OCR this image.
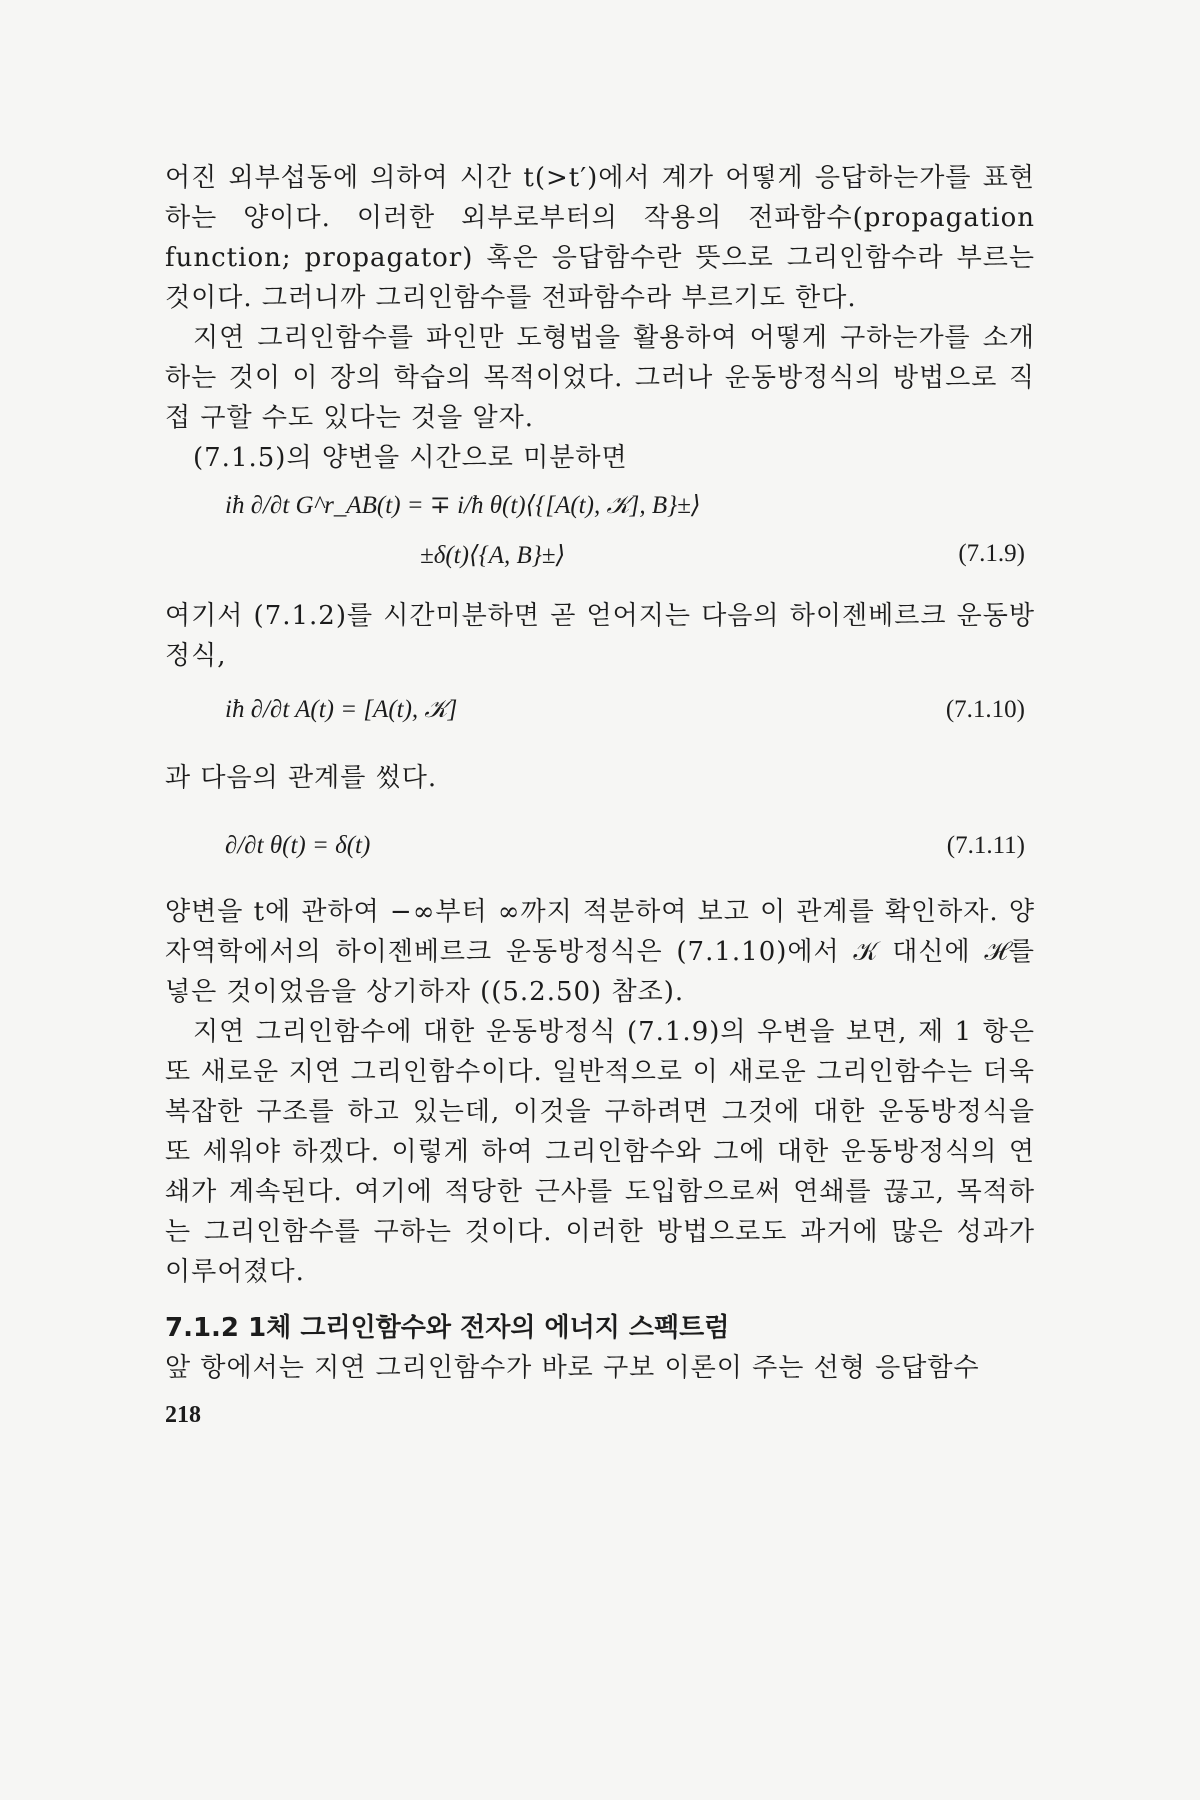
어진 외부섭동에 의하여 시간 t(>t′)에서 계가 어떻게 응답하는가를 표현하는 양이다. 이러한 외부로부터의 작용의 전파함수(propagation function; propagator) 혹은 응답함수란 뜻으로 그리인함수라 부르는 것이다. 그러니까 그리인함수를 전파함수라 부르기도 한다.

지연 그리인함수를 파인만 도형법을 활용하여 어떻게 구하는가를 소개하는 것이 이 장의 학습의 목적이었다. 그러나 운동방정식의 방법으로 직접 구할 수도 있다는 것을 알자.

(7.1.5)의 양변을 시간으로 미분하면

iħ ∂/∂t G^r_AB(t) = ∓ i/ħ θ(t)⟨{[A(t), 𝒦], B}±⟩
±δ(t)⟨{A, B}±⟩	(7.1.9)

여기서 (7.1.2)를 시간미분하면 곧 얻어지는 다음의 하이젠베르크 운동방정식,

iħ ∂/∂t A(t) = [A(t), 𝒦]	(7.1.10)

과 다음의 관계를 썼다.

∂/∂t θ(t) = δ(t)	(7.1.11)

양변을 t에 관하여 −∞부터 ∞까지 적분하여 보고 이 관계를 확인하자. 양자역학에서의 하이젠베르크 운동방정식은 (7.1.10)에서 𝒦 대신에 ℋ를 넣은 것이었음을 상기하자 ((5.2.50) 참조).

지연 그리인함수에 대한 운동방정식 (7.1.9)의 우변을 보면, 제 1 항은 또 새로운 지연 그리인함수이다. 일반적으로 이 새로운 그리인함수는 더욱 복잡한 구조를 하고 있는데, 이것을 구하려면 그것에 대한 운동방정식을 또 세워야 하겠다. 이렇게 하여 그리인함수와 그에 대한 운동방정식의 연쇄가 계속된다. 여기에 적당한 근사를 도입함으로써 연쇄를 끊고, 목적하는 그리인함수를 구하는 것이다. 이러한 방법으로도 과거에 많은 성과가 이루어졌다.

7.1.2 1체 그리인함수와 전자의 에너지 스펙트럼

앞 항에서는 지연 그리인함수가 바로 구보 이론이 주는 선형 응답함수

218
